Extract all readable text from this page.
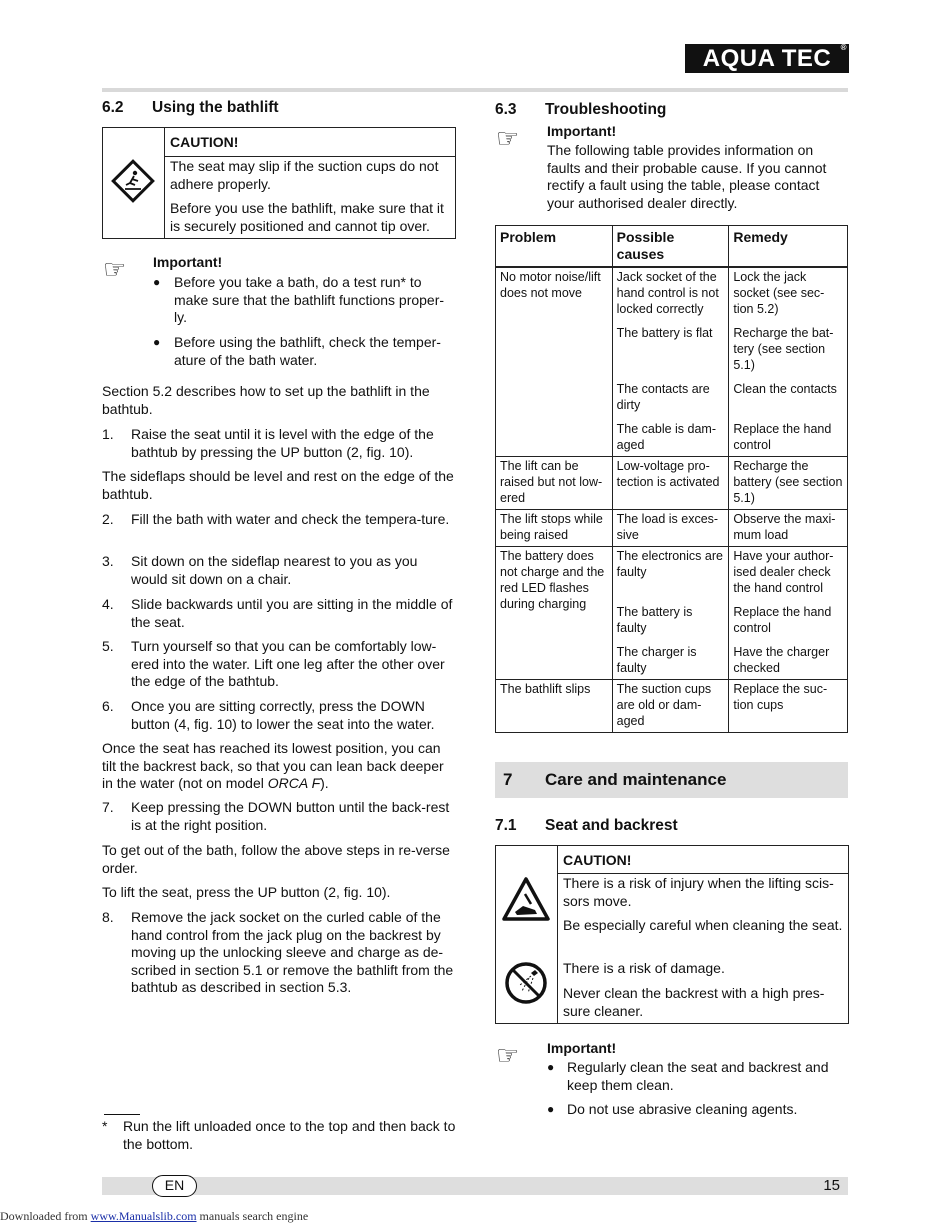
AQUA TEC ®
6.2 Using the bathlift
CAUTION!

The seat may slip if the suction cups do not adhere properly.

Before you use the bathlift, make sure that it is securely positioned and cannot tip over.

☞ Important!
● Before you take a bath, do a test run* to make sure that the bathlift functions proper-ly.
● Before using the bathlift, check the temper-ature of the bath water.
Section 5.2 describes how to set up the bathlift in the bathtub.
1. Raise the seat until it is level with the edge of the bathtub by pressing the UP button (2, fig. 10).
The sideflaps should be level and rest on the edge of the bathtub.
2. Fill the bath with water and check the tempera-ture.
3. Sit down on the sideflap nearest to you as you would sit down on a chair.
4. Slide backwards until you are sitting in the middle of the seat.
5. Turn yourself so that you can be comfortably low-ered into the water. Lift one leg after the other over the edge of the bathtub.
6. Once you are sitting correctly, press the DOWN button (4, fig. 10) to lower the seat into the water.
Once the seat has reached its lowest position, you can tilt the backrest back, so that you can lean back deeper in the water (not on model ORCA F).
7. Keep pressing the DOWN button until the back-rest is at the right position.
To get out of the bath, follow the above steps in re-verse order.
To lift the seat, press the UP button (2, fig. 10).
8. Remove the jack socket on the curled cable of the hand control from the jack plug on the backrest by moving up the unlocking sleeve and charge as de-scribed in section 5.1 or remove the bathlift from the bathtub as described in section 5.3.
* Run the lift unloaded once to the top and then back to the bottom.
6.3 Troubleshooting
☞ Important!
The following table provides information on faults and their probable cause. If you cannot rectify a fault using the table, please contact your authorised dealer directly.
Problem	Possible causes	Remedy
No motor noise/lift does not move	Jack socket of the hand control is not locked correctly	Lock the jack socket (see sec-tion 5.2)
	The battery is flat	Recharge the bat-tery (see section 5.1)
	The contacts are dirty	Clean the contacts
	The cable is dam-aged	Replace the hand control
The lift can be raised but not low-ered	Low-voltage pro-tection is activated	Recharge the battery (see section 5.1)
The lift stops while being raised	The load is exces-sive	Observe the maxi-mum load
The battery does not charge and the red LED flashes during charging	The electronics are faulty	Have your author-ised dealer check the hand control
	The battery is faulty	Replace the hand control
	The charger is faulty	Have the charger checked
The bathlift slips	The suction cups are old or dam-aged	Replace the suc-tion cups
7 Care and maintenance
7.1 Seat and backrest
CAUTION!

There is a risk of injury when the lifting scis-sors move.

Be especially careful when cleaning the seat.

There is a risk of damage.

Never clean the backrest with a high pres-sure cleaner.

☞ Important!
● Regularly clean the seat and backrest and keep them clean.
● Do not use abrasive cleaning agents.
EN	15
Downloaded from www.Manualslib.com manuals search engine
